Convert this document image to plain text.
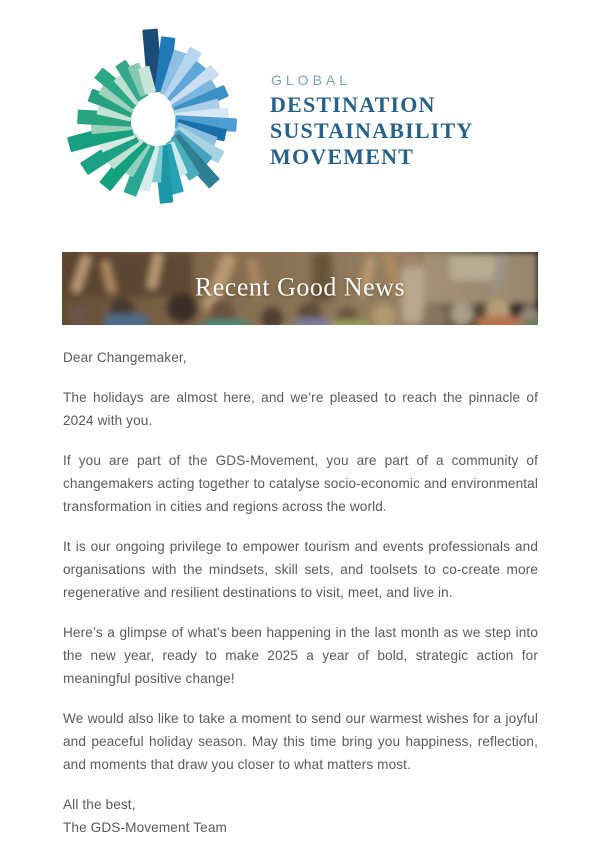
GLOBAL
DESTINATION
SUSTAINABILITY
MOVEMENT
Recent Good News

Dear Changemaker,

The holidays are almost here, and we’re pleased to reach the pinnacle of 2024 with you.

If you are part of the GDS-Movement, you are part of a community of changemakers acting together to catalyse socio-economic and environmental transformation in cities and regions across the world.

It is our ongoing privilege to empower tourism and events professionals and organisations with the mindsets, skill sets, and toolsets to co-create more regenerative and resilient destinations to visit, meet, and live in.

Here’s a glimpse of what’s been happening in the last month as we step into the new year, ready to make 2025 a year of bold, strategic action for meaningful positive change!

We would also like to take a moment to send our warmest wishes for a joyful and peaceful holiday season. May this time bring you happiness, reflection, and moments that draw you closer to what matters most.

All the best,

The GDS-Movement Team
